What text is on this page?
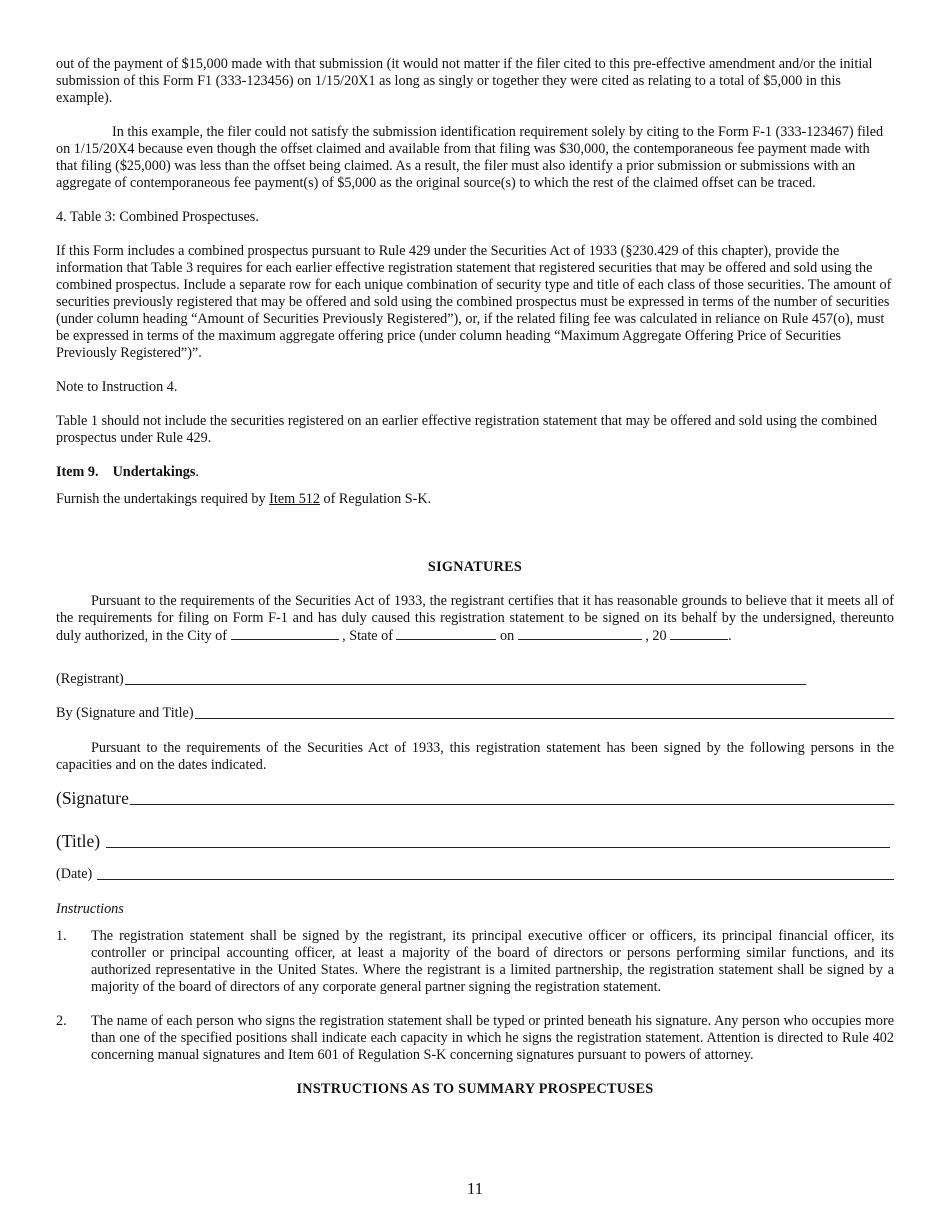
out of the payment of $15,000 made with that submission (it would not matter if the filer cited to this pre-effective amendment and/or the initial submission of this Form F1 (333-123456) on 1/15/20X1 as long as singly or together they were cited as relating to a total of $5,000 in this example).

In this example, the filer could not satisfy the submission identification requirement solely by citing to the Form F-1 (333-123467) filed on 1/15/20X4 because even though the offset claimed and available from that filing was $30,000, the contemporaneous fee payment made with that filing ($25,000) was less than the offset being claimed. As a result, the filer must also identify a prior submission or submissions with an aggregate of contemporaneous fee payment(s) of $5,000 as the original source(s) to which the rest of the claimed offset can be traced.

4. Table 3: Combined Prospectuses.

If this Form includes a combined prospectus pursuant to Rule 429 under the Securities Act of 1933 (§230.429 of this chapter), provide the information that Table 3 requires for each earlier effective registration statement that registered securities that may be offered and sold using the combined prospectus. Include a separate row for each unique combination of security type and title of each class of those securities. The amount of securities previously registered that may be offered and sold using the combined prospectus must be expressed in terms of the number of securities (under column heading “Amount of Securities Previously Registered”), or, if the related filing fee was calculated in reliance on Rule 457(o), must be expressed in terms of the maximum aggregate offering price (under column heading “Maximum Aggregate Offering Price of Securities Previously Registered”)”.

Note to Instruction 4.

Table 1 should not include the securities registered on an earlier effective registration statement that may be offered and sold using the combined prospectus under Rule 429.

Item 9. Undertakings.

Furnish the undertakings required by Item 512 of Regulation S-K.

SIGNATURES

Pursuant to the requirements of the Securities Act of 1933, the registrant certifies that it has reasonable grounds to believe that it meets all of the requirements for filing on Form F-1 and has duly caused this registration statement to be signed on its behalf by the undersigned, thereunto duly authorized, in the City of	, State of	on	, 20	.

(Registrant)
By (Signature and Title)

Pursuant to the requirements of the Securities Act of 1933, this registration statement has been signed by the following persons in the capacities and on the dates indicated.

(Signature
(Title)
(Date)

Instructions

1.	The registration statement shall be signed by the registrant, its principal executive officer or officers, its principal financial officer, its controller or principal accounting officer, at least a majority of the board of directors or persons performing similar functions, and its authorized representative in the United States. Where the registrant is a limited partnership, the registration statement shall be signed by a majority of the board of directors of any corporate general partner signing the registration statement.
2.	The name of each person who signs the registration statement shall be typed or printed beneath his signature. Any person who occupies more than one of the specified positions shall indicate each capacity in which he signs the registration statement. Attention is directed to Rule 402 concerning manual signatures and Item 601 of Regulation S-K concerning signatures pursuant to powers of attorney.

INSTRUCTIONS AS TO SUMMARY PROSPECTUSES

11
